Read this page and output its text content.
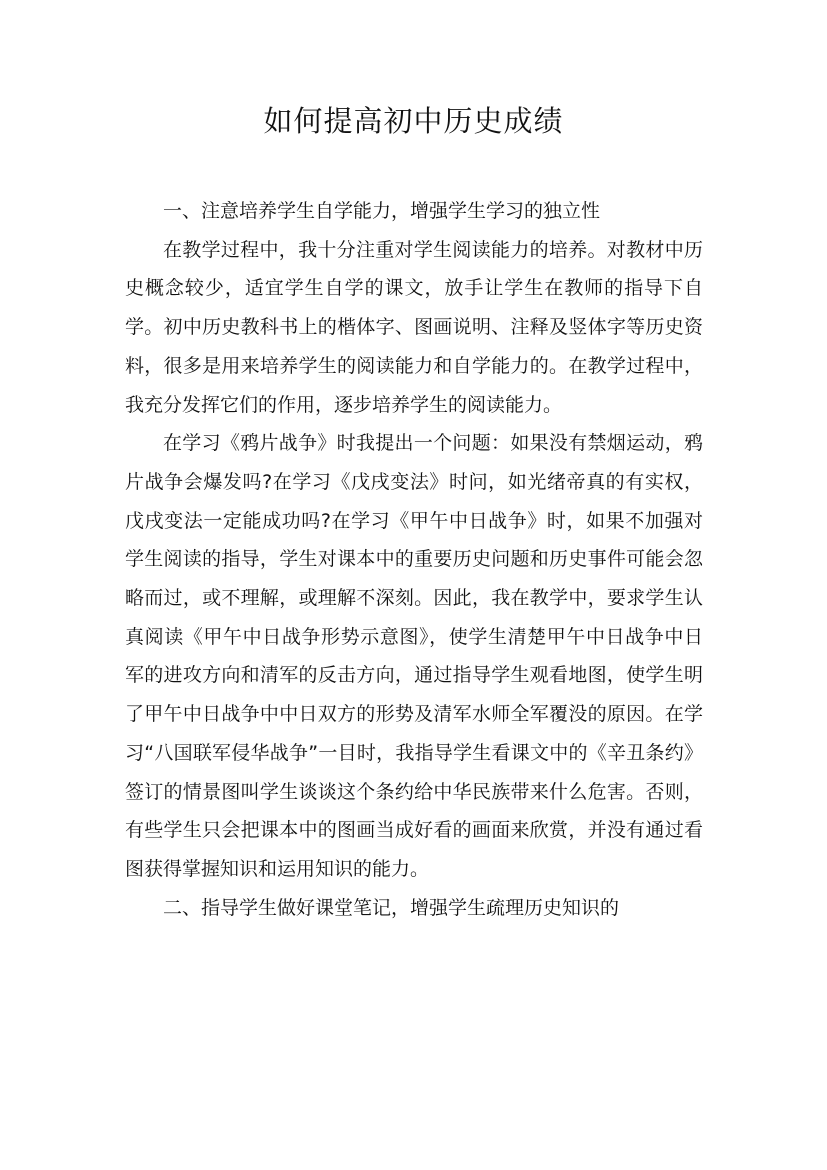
如何提高初中历史成绩

一、注意培养学生自学能力，增强学生学习的独立性

在教学过程中，我十分注重对学生阅读能力的培养。对教材中历史概念较少，适宜学生自学的课文，放手让学生在教师的指导下自学。初中历史教科书上的楷体字、图画说明、注释及竖体字等历史资料，很多是用来培养学生的阅读能力和自学能力的。在教学过程中，我充分发挥它们的作用，逐步培养学生的阅读能力。

在学习《鸦片战争》时我提出一个问题：如果没有禁烟运动，鸦片战争会爆发吗?在学习《戊戌变法》时问，如光绪帝真的有实权，戊戌变法一定能成功吗?在学习《甲午中日战争》时，如果不加强对学生阅读的指导，学生对课本中的重要历史问题和历史事件可能会忽略而过，或不理解，或理解不深刻。因此，我在教学中，要求学生认真阅读《甲午中日战争形势示意图》，使学生清楚甲午中日战争中日军的进攻方向和清军的反击方向，通过指导学生观看地图，使学生明了甲午中日战争中中日双方的形势及清军水师全军覆没的原因。在学习“八国联军侵华战争”一目时，我指导学生看课文中的《辛丑条约》签订的情景图叫学生谈谈这个条约给中华民族带来什么危害。否则，有些学生只会把课本中的图画当成好看的画面来欣赏，并没有通过看图获得掌握知识和运用知识的能力。

二、指导学生做好课堂笔记，增强学生疏理历史知识的
